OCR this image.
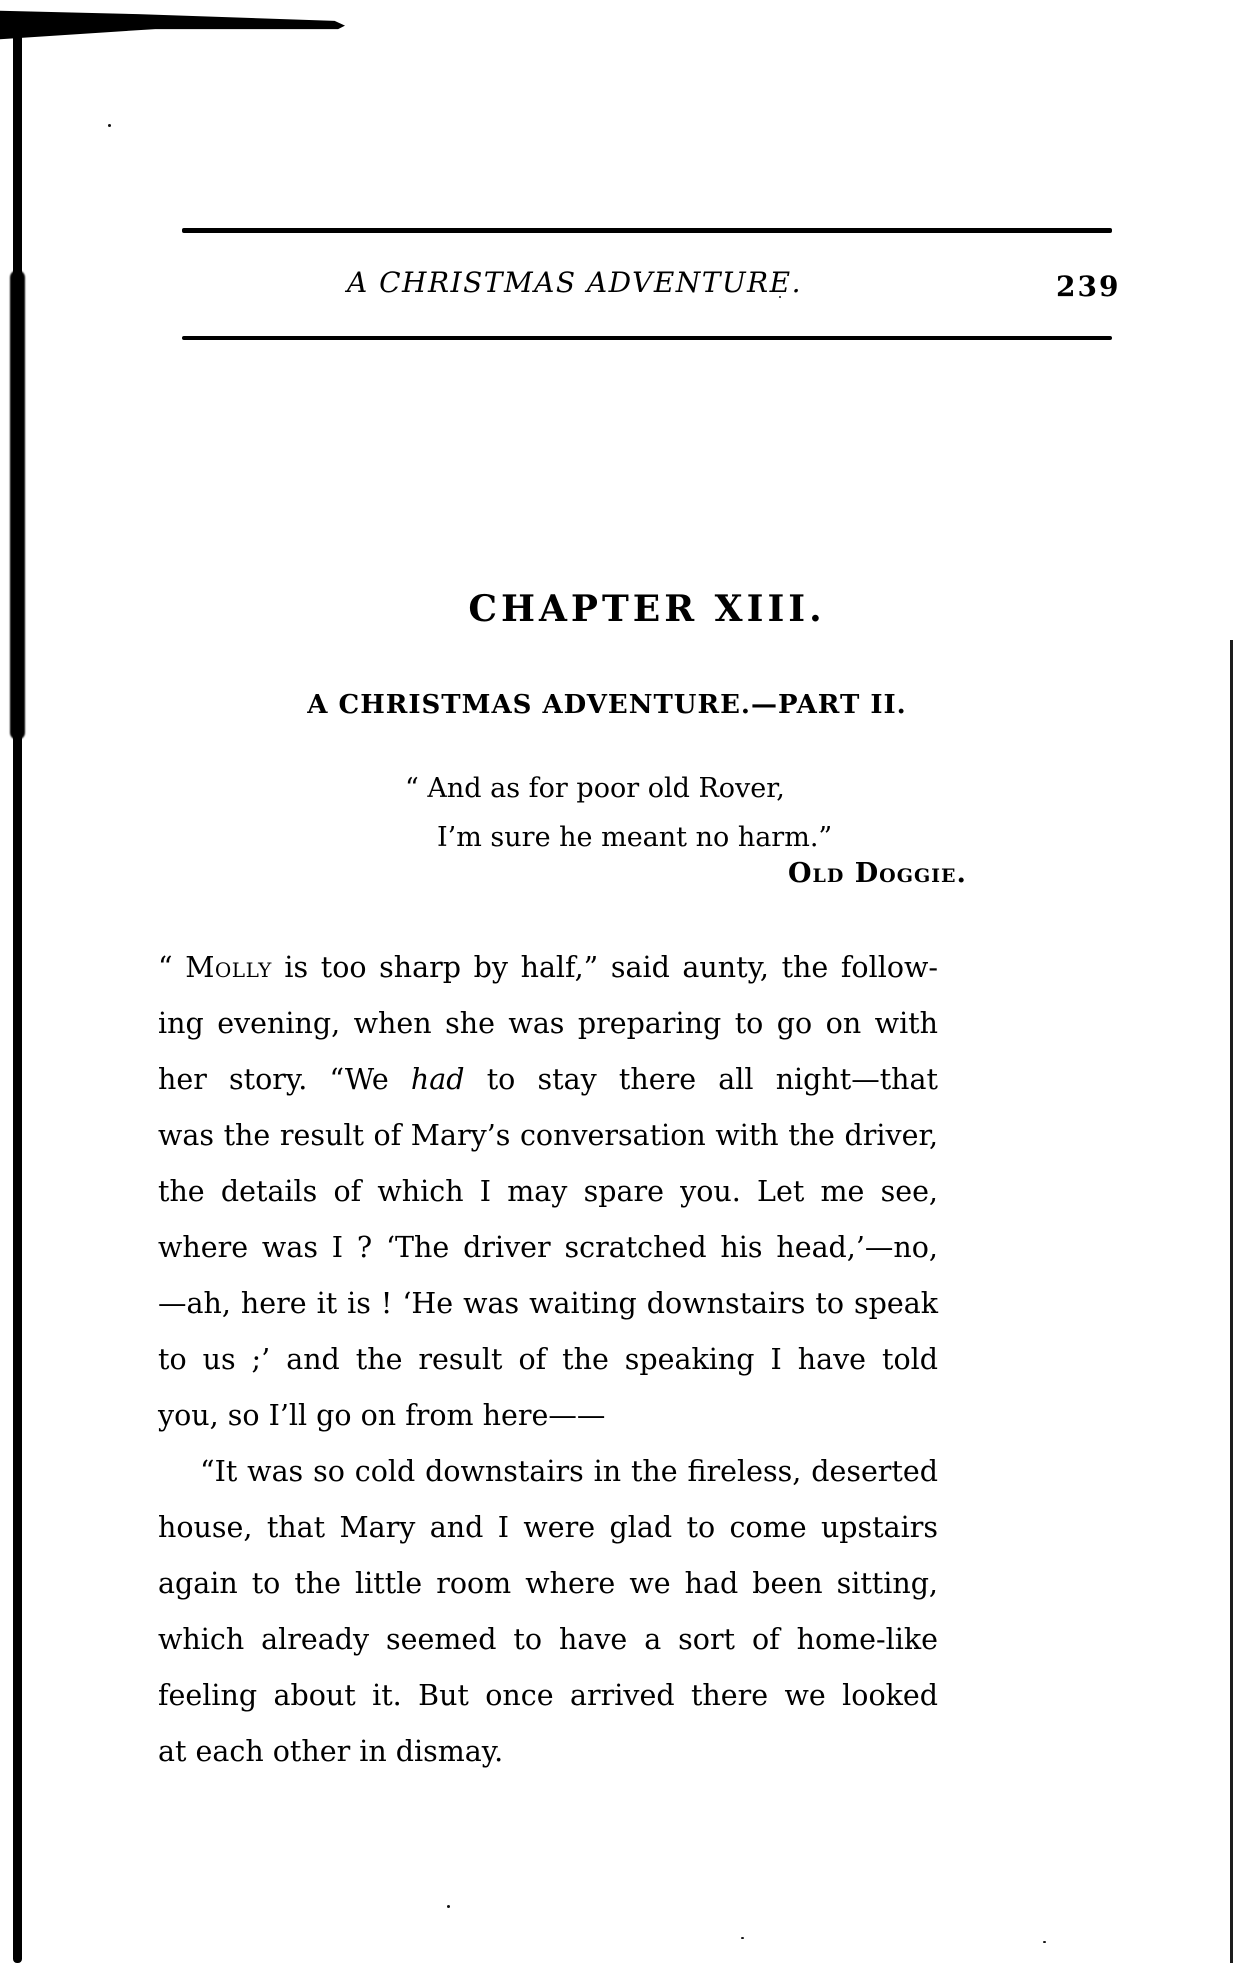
A CHRISTMAS ADVENTURE.	239
CHAPTER XIII.
A CHRISTMAS ADVENTURE.—PART II.
“ And as for poor old Rover,
I’m sure he meant no harm.”
Old Doggie.
“ Molly is too sharp by half,” said aunty, the follow-
ing evening, when she was preparing to go on with
her story. “We had to stay there all night—that
was the result of Mary’s conversation with the driver,
the details of which I may spare you. Let me see,
where was I ? ‘The driver scratched his head,’—no,
—ah, here it is ! ‘He was waiting downstairs to speak
to us ;’ and the result of the speaking I have told
you, so I’ll go on from here——
“It was so cold downstairs in the fireless, deserted
house, that Mary and I were glad to come upstairs
again to the little room where we had been sitting,
which already seemed to have a sort of home-like
feeling about it. But once arrived there we looked
at each other in dismay.
